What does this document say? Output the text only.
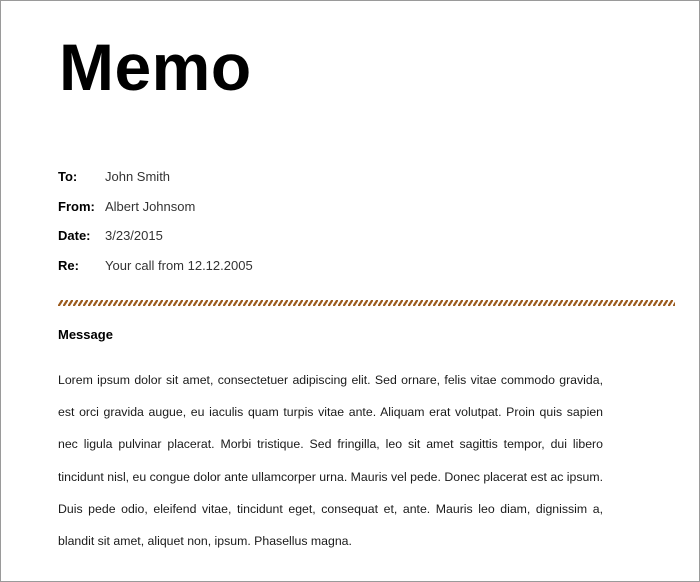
Memo
To:	John Smith
From: Albert Johnsom
Date:	3/23/2015
Re:	Your call from 12.12.2005
Message

Lorem ipsum dolor sit amet, consectetuer adipiscing elit. Sed ornare, felis vitae commodo gravida, est orci gravida augue, eu iaculis quam turpis vitae ante. Aliquam erat volutpat. Proin quis sapien nec ligula pulvinar placerat. Morbi tristique. Sed fringilla, leo sit amet sagittis tempor, dui libero tincidunt nisl, eu congue dolor ante ullamcorper urna. Mauris vel pede. Donec placerat est ac ipsum. Duis pede odio, eleifend vitae, tincidunt eget, consequat et, ante. Mauris leo diam, dignissim a, blandit sit amet, aliquet non, ipsum. Phasellus magna.
